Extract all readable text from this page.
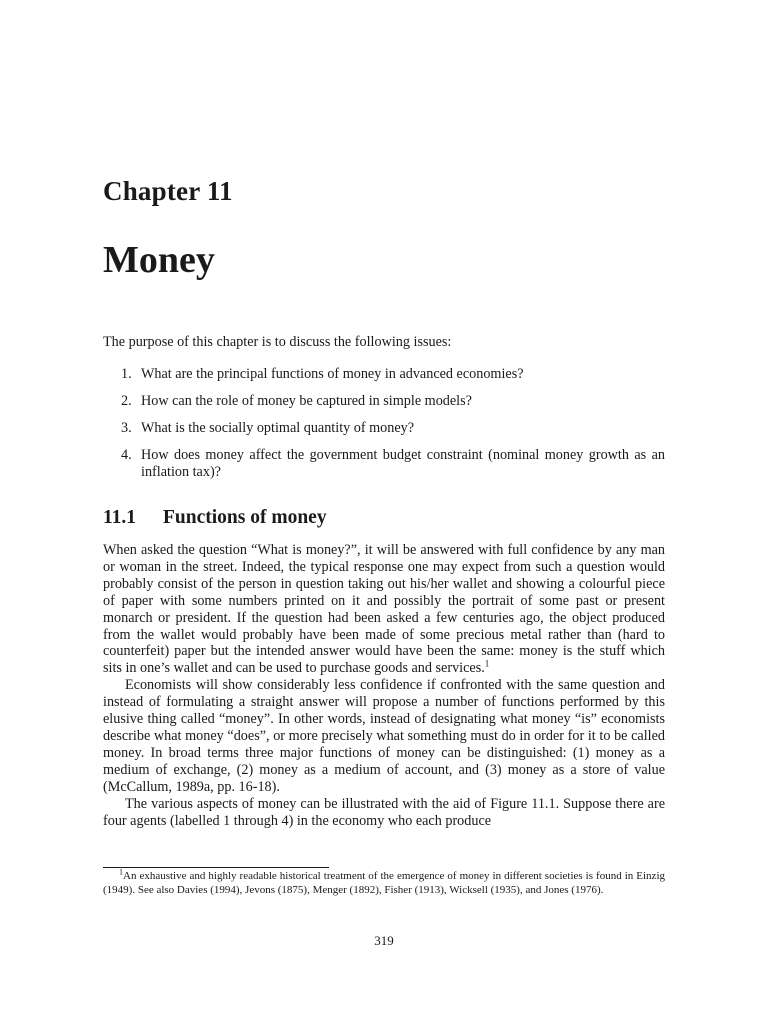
Chapter 11
Money

The purpose of this chapter is to discuss the following issues:

1. What are the principal functions of money in advanced economies?
2. How can the role of money be captured in simple models?
3. What is the socially optimal quantity of money?
4. How does money affect the government budget constraint (nominal money growth as an inflation tax)?
11.1 Functions of money

When asked the question “What is money?”, it will be answered with full confidence by any man or woman in the street. Indeed, the typical response one may expect from such a question would probably consist of the person in question taking out his/her wallet and showing a colourful piece of paper with some numbers printed on it and possibly the portrait of some past or present monarch or president. If the question had been asked a few centuries ago, the object produced from the wallet would probably have been made of some precious metal rather than (hard to counterfeit) paper but the intended answer would have been the same: money is the stuff which sits in one’s wallet and can be used to purchase goods and services.$^1$

Economists will show considerably less confidence if confronted with the same question and instead of formulating a straight answer will propose a number of functions performed by this elusive thing called “money”. In other words, instead of designating what money “is” economists describe what money “does”, or more precisely what something must do in order for it to be called money. In broad terms three major functions of money can be distinguished: (1) money as a medium of exchange, (2) money as a medium of account, and (3) money as a store of value (McCallum, 1989a, pp. 16-18).

The various aspects of money can be illustrated with the aid of Figure 11.1. Suppose there are four agents (labelled 1 through 4) in the economy who each produce

$^1$An exhaustive and highly readable historical treatment of the emergence of money in different societies is found in Einzig (1949). See also Davies (1994), Jevons (1875), Menger (1892), Fisher (1913), Wicksell (1935), and Jones (1976).

319
